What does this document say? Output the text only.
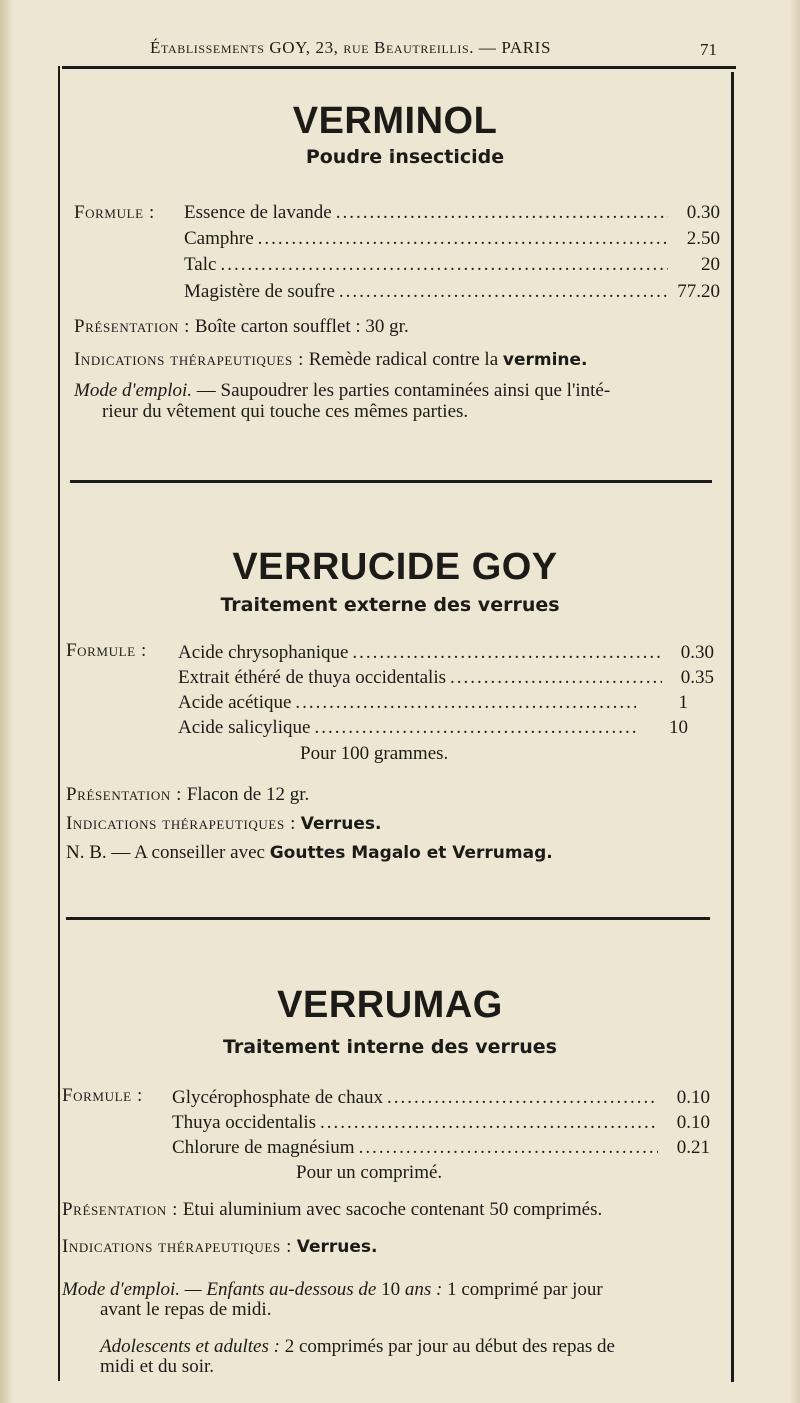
Établissements GOY, 23, rue Beautreillis. — PARIS	71
VERMINOL
Poudre insecticide
Formule : Essence de lavande .....	0.30
Camphre .....	2.50
Talc .....	20
Magistère de soufre .....	77.20
Présentation : Boîte carton soufflet : 30 gr.
Indications thérapeutiques : Remède radical contre la vermine.
Mode d'emploi. — Saupoudrer les parties contaminées ainsi que l'inté-
rieur du vêtement qui touche ces mêmes parties.
VERRUCIDE GOY
Traitement externe des verrues
Formule : Acide chrysophanique .....	0.30
Extrait éthéré de thuya occidentalis .....	0.35
Acide acétique .....	1
Acide salicylique .....	10
Pour 100 grammes.
Présentation : Flacon de 12 gr.
Indications thérapeutiques : Verrues.
N. B. — A conseiller avec Gouttes Magalo et Verrumag.
VERRUMAG
Traitement interne des verrues
Formule : Glycérophosphate de chaux .....	0.10
Thuya occidentalis .....	0.10
Chlorure de magnésium .....	0.21
Pour un comprimé.
Présentation : Etui aluminium avec sacoche contenant 50 comprimés.
Indications thérapeutiques : Verrues.
Mode d'emploi. — Enfants au-dessous de 10 ans : 1 comprimé par jour
avant le repas de midi.
Adolescents et adultes : 2 comprimés par jour au début des repas de
midi et du soir.
